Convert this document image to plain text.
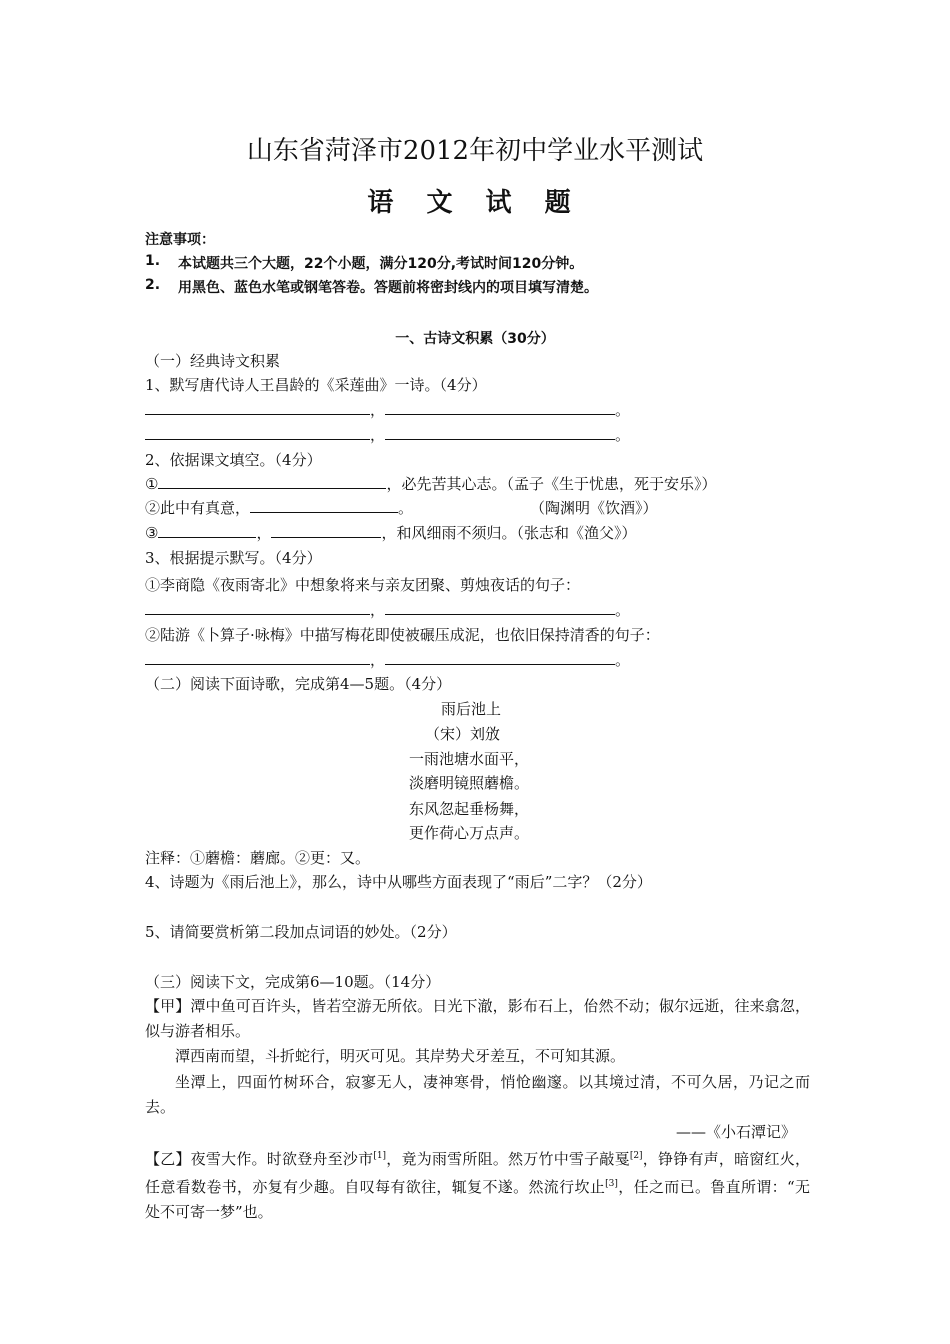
山东省菏泽市2012年初中学业水平测试
语 文 试 题
注意事项：
1. 本试题共三个大题，22个小题，满分120分,考试时间120分钟。
2. 用黑色、蓝色水笔或钢笔答卷。答题前将密封线内的项目填写清楚。
一、古诗文积累（30分）
（一）经典诗文积累
1、默写唐代诗人王昌龄的《采莲曲》一诗。（4分）
，	。
，	。
2、依据课文填空。（4分）
①	，必先苦其心志。（孟子《生于忧患，死于安乐》）
②此中有真意，	。	（陶渊明《饮酒》）
③	，	，和风细雨不须归。（张志和《渔父》）
3、根据提示默写。（4分）
①李商隐《夜雨寄北》中想象将来与亲友团聚、剪烛夜话的句子：
，	。
②陆游《卜算子·咏梅》中描写梅花即使被碾压成泥，也依旧保持清香的句子：
，	。
（二）阅读下面诗歌，完成第4—5题。（4分）
雨后池上
（宋）刘攽
一雨池塘水面平，
淡磨明镜照蘑檐。
东风忽起垂杨舞，
更作荷心万点声。
注释：①蘑檐：蘑廊。②更：又。
4、诗题为《雨后池上》，那么，诗中从哪些方面表现了“雨后”二字？（2分）
5、请简要赏析第二段加点词语的妙处。（2分）
（三）阅读下文，完成第6—10题。（14分）
【甲】潭中鱼可百许头，皆若空游无所依。日光下澈，影布石上，佁然不动；俶尔远逝，往来翕忽，似与游者相乐。
潭西南而望，斗折蛇行，明灭可见。其岸势犬牙差互，不可知其源。
坐潭上，四面竹树环合，寂寥无人，凄神寒骨，悄怆幽邃。以其境过清，不可久居，乃记之而去。
——《小石潭记》
【乙】夜雪大作。时欲登舟至沙市[1]，竟为雨雪所阻。然万竹中雪子敲戛[2]，铮铮有声，暗窗红火，任意看数卷书，亦复有少趣。自叹每有欲往，辄复不遂。然流行坎止[3]，任之而已。鲁直所谓：“无处不可寄一梦”也。
